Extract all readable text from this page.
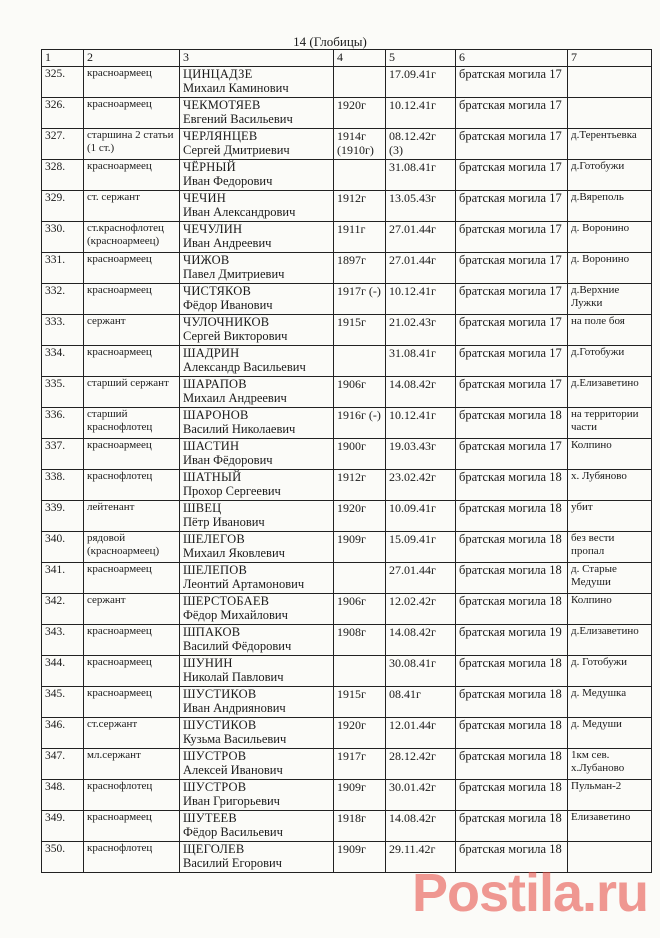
14 (Глобицы)
1	2	3	4	5	6	7
325.	красноармеец	ЦИНЦАДЗЕ
Михаил Каминович		17.09.41г	братская могила 17	
326.	красноармеец	ЧЕКМОТЯЕВ
Евгений Васильевич	1920г	10.12.41г	братская могила 17	
327.	старшина 2 статьи (1 ст.)	ЧЕРЛЯНЦЕВ
Сергей Дмитриевич	1914г (1910г)	08.12.42г (3)	братская могила 17	д.Терентьевка
328.	красноармеец	ЧЁРНЫЙ
Иван Федорович		31.08.41г	братская могила 17	д.Готобужи
329.	ст. сержант	ЧЕЧИН
Иван Александрович	1912г	13.05.43г	братская могила 17	д.Вяреполь
330.	ст.краснофлотец (красноармеец)	ЧЕЧУЛИН
Иван Андреевич	1911г	27.01.44г	братская могила 17	д. Воронино
331.	красноармеец	ЧИЖОВ
Павел Дмитриевич	1897г	27.01.44г	братская могила 17	д. Воронино
332.	красноармеец	ЧИСТЯКОВ
Фёдор Иванович	1917г (-)	10.12.41г	братская могила 17	д.Верхние Лужки
333.	сержант	ЧУЛОЧНИКОВ
Сергей Викторович	1915г	21.02.43г	братская могила 17	на поле боя
334.	красноармеец	ШАДРИН
Александр Васильевич		31.08.41г	братская могила 17	д.Готобужи
335.	старший сержант	ШАРАПОВ
Михаил Андреевич	1906г	14.08.42г	братская могила 17	д.Елизаветино
336.	старший краснофлотец	ШАРОНОВ
Василий Николаевич	1916г (-)	10.12.41г	братская могила 18	на территории части
337.	красноармеец	ШАСТИН
Иван Фёдорович	1900г	19.03.43г	братская могила 17	Колпино
338.	краснофлотец	ШАТНЫЙ
Прохор Сергеевич	1912г	23.02.42г	братская могила 18	х. Лубяново
339.	лейтенант	ШВЕЦ
Пётр Иванович	1920г	10.09.41г	братская могила 18	убит
340.	рядовой (красноармеец)	ШЕЛЕГОВ
Михаил Яковлевич	1909г	15.09.41г	братская могила 18	без вести пропал
341.	красноармеец	ШЕЛЕПОВ
Леонтий Артамонович		27.01.44г	братская могила 18	д. Старые Медуши
342.	сержант	ШЕРСТОБАЕВ
Фёдор Михайлович	1906г	12.02.42г	братская могила 18	Колпино
343.	красноармеец	ШПАКОВ
Василий Фёдорович	1908г	14.08.42г	братская могила 19	д.Елизаветино
344.	красноармеец	ШУНИН
Николай Павлович		30.08.41г	братская могила 18	д. Готобужи
345.	красноармеец	ШУСТИКОВ
Иван Андриянович	1915г	08.41г	братская могила 18	д. Медушка
346.	ст.сержант	ШУСТИКОВ
Кузьма Васильевич	1920г	12.01.44г	братская могила 18	д. Медуши
347.	мл.сержант	ШУСТРОВ
Алексей Иванович	1917г	28.12.42г	братская могила 18	1км сев. х.Лубаново
348.	краснофлотец	ШУСТРОВ
Иван Григорьевич	1909г	30.01.42г	братская могила 18	Пульман-2
349.	красноармеец	ШУТЕЕВ
Фёдор Васильевич	1918г	14.08.42г	братская могила 18	Елизаветино
350.	краснофлотец	ЩЕГОЛЕВ
Василий Егорович	1909г	29.11.42г	братская могила 18	
Postila.ru
